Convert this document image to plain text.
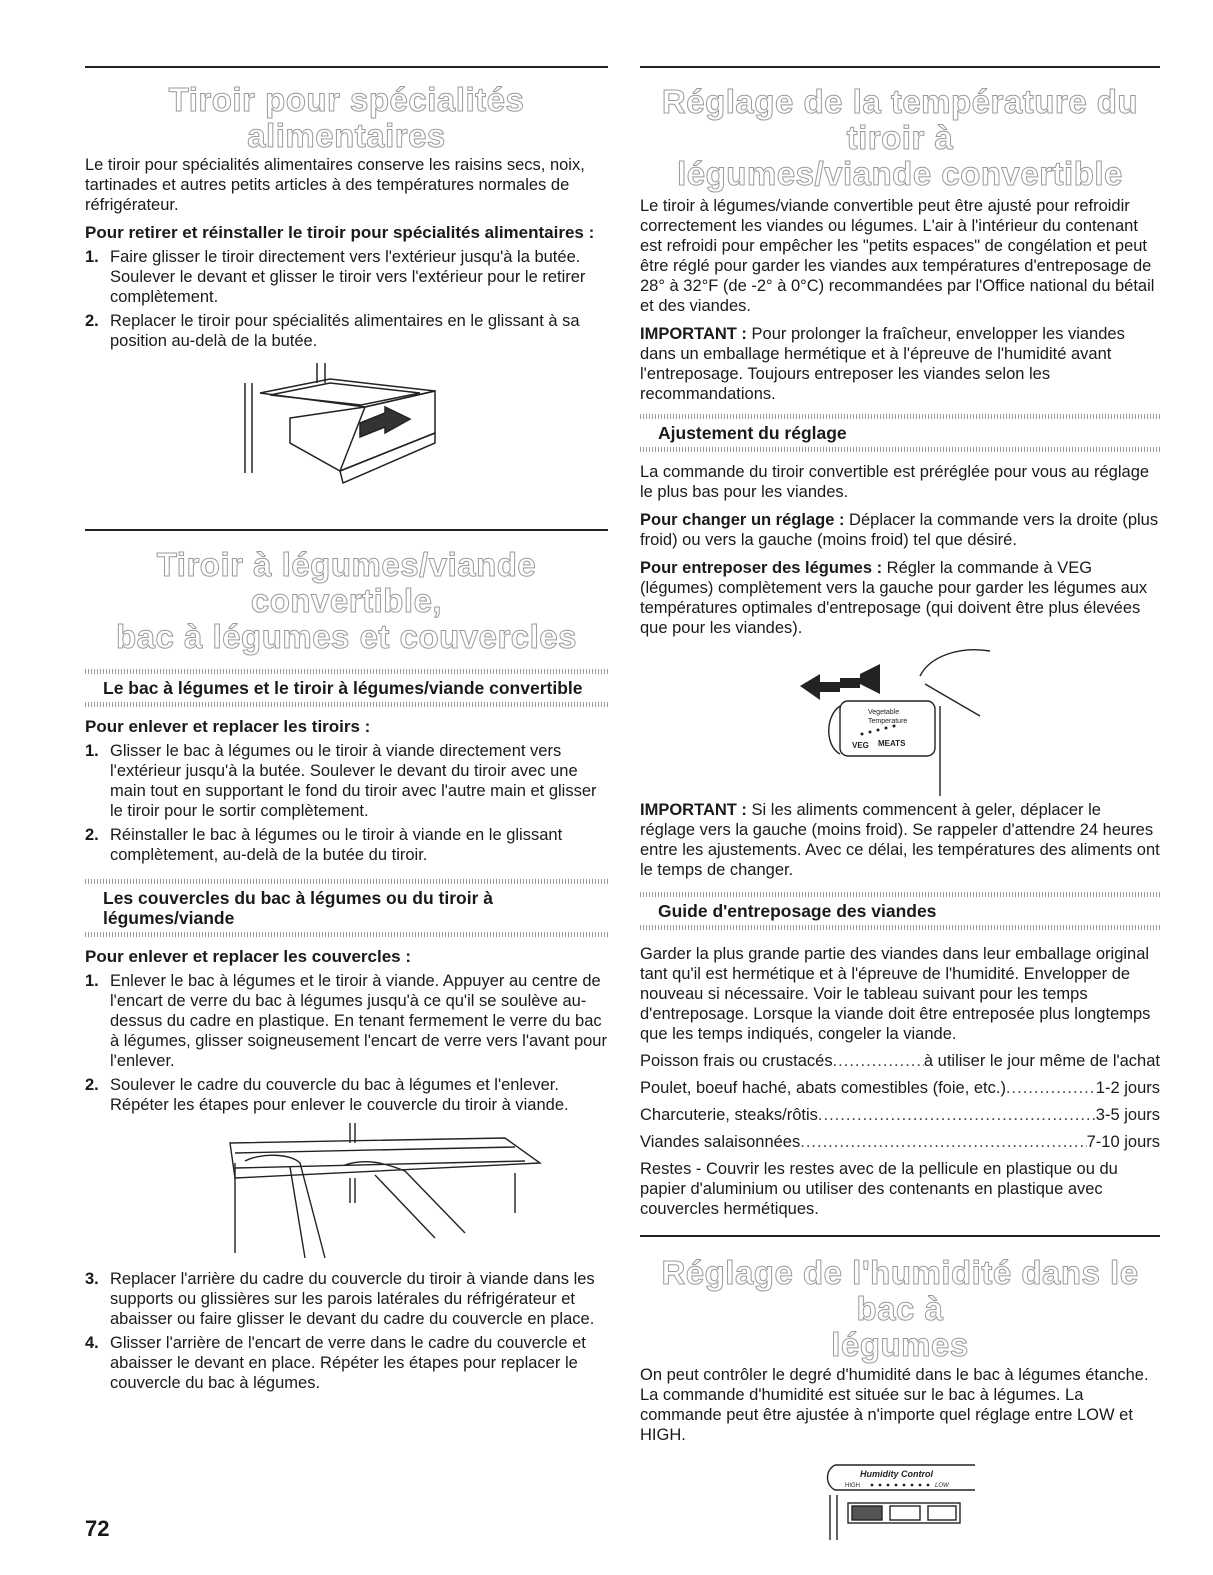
Tiroir pour spécialités alimentaires

Le tiroir pour spécialités alimentaires conserve les raisins secs, noix, tartinades et autres petits articles à des températures normales de réfrigérateur.

Pour retirer et réinstaller le tiroir pour spécialités alimentaires :

1. Faire glisser le tiroir directement vers l'extérieur jusqu'à la butée. Soulever le devant et glisser le tiroir vers l'extérieur pour le retirer complètement.
2. Replacer le tiroir pour spécialités alimentaires en le glissant à sa position au-delà de la butée.
Tiroir à légumes/viande convertible,
bac à légumes et couvercles
Le bac à légumes et le tiroir à légumes/viande convertible

Pour enlever et replacer les tiroirs :

1. Glisser le bac à légumes ou le tiroir à viande directement vers l'extérieur jusqu'à la butée. Soulever le devant du tiroir avec une main tout en supportant le fond du tiroir avec l'autre main et glisser le tiroir pour le sortir complètement.
2. Réinstaller le bac à légumes ou le tiroir à viande en le glissant complètement, au-delà de la butée du tiroir.
Les couvercles du bac à légumes ou du tiroir à légumes/viande

Pour enlever et replacer les couvercles :

1. Enlever le bac à légumes et le tiroir à viande. Appuyer au centre de l'encart de verre du bac à légumes jusqu'à ce qu'il se soulève au-dessus du cadre en plastique. En tenant fermement le verre du bac à légumes, glisser soigneusement l'encart de verre vers l'avant pour l'enlever.
2. Soulever le cadre du couvercle du bac à légumes et l'enlever. Répéter les étapes pour enlever le couvercle du tiroir à viande.
3. Replacer l'arrière du cadre du couvercle du tiroir à viande dans les supports ou glissières sur les parois latérales du réfrigérateur et abaisser ou faire glisser le devant du cadre du couvercle en place.
4. Glisser l'arrière de l'encart de verre dans le cadre du couvercle et abaisser le devant en place. Répéter les étapes pour replacer le couvercle du bac à légumes.
Réglage de la température du tiroir à
légumes/viande convertible

Le tiroir à légumes/viande convertible peut être ajusté pour refroidir correctement les viandes ou légumes. L'air à l'intérieur du contenant est refroidi pour empêcher les "petits espaces" de congélation et peut être réglé pour garder les viandes aux températures d'entreposage de 28° à 32°F (de -2° à 0°C) recommandées par l'Office national du bétail et des viandes.

IMPORTANT : Pour prolonger la fraîcheur, envelopper les viandes dans un emballage hermétique et à l'épreuve de l'humidité avant l'entreposage. Toujours entreposer les viandes selon les recommandations.

Ajustement du réglage

La commande du tiroir convertible est préréglée pour vous au réglage le plus bas pour les viandes.

Pour changer un réglage : Déplacer la commande vers la droite (plus froid) ou vers la gauche (moins froid) tel que désiré.

Pour entreposer des légumes : Régler la commande à VEG (légumes) complètement vers la gauche pour garder les légumes aux températures optimales d'entreposage (qui doivent être plus élevées que pour les viandes).

Vegetable
Temperature
VEG MEATS

IMPORTANT : Si les aliments commencent à geler, déplacer le réglage vers la gauche (moins froid). Se rappeler d'attendre 24 heures entre les ajustements. Avec ce délai, les températures des aliments ont le temps de changer.

Guide d'entreposage des viandes

Garder la plus grande partie des viandes dans leur emballage original tant qu'il est hermétique et à l'épreuve de l'humidité. Envelopper de nouveau si nécessaire. Voir le tableau suivant pour les temps d'entreposage. Lorsque la viande doit être entreposée plus longtemps que les temps indiqués, congeler la viande.

Poisson frais ou crustacés .....	à utiliser le jour même de l'achat
Poulet, boeuf haché, abats comestibles (foie, etc.) .....	1-2 jours
Charcuterie, steaks/rôtis .....	3-5 jours
Viandes salaisonnées .....	7-10 jours

Restes - Couvrir les restes avec de la pellicule en plastique ou du papier d'aluminium ou utiliser des contenants en plastique avec couvercles hermétiques.

Réglage de l'humidité dans le bac à
légumes

On peut contrôler le degré d'humidité dans le bac à légumes étanche. La commande d'humidité est située sur le bac à légumes. La commande peut être ajustée à n'importe quel réglage entre LOW et HIGH.

Humidity Control
HIGH	LOW
72
